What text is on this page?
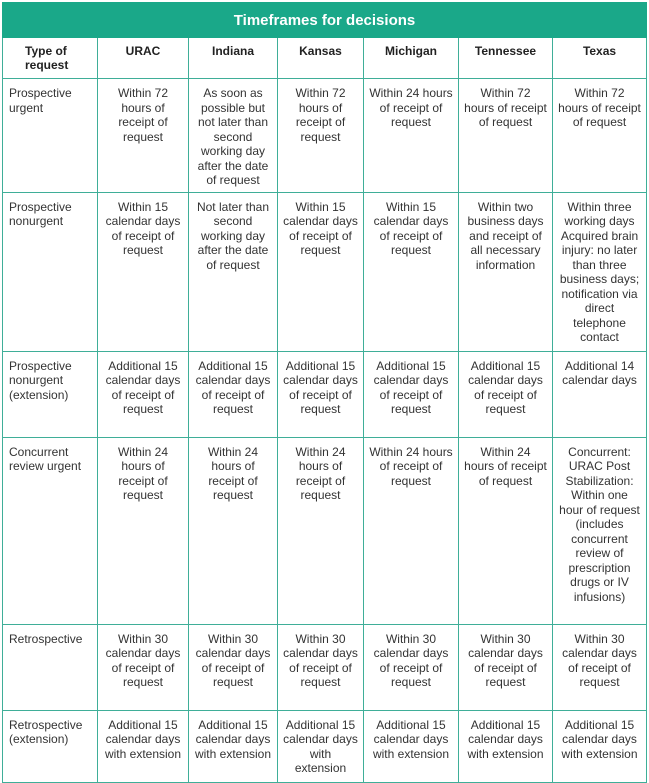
Timeframes for decisions						
Type of request	URAC	Indiana	Kansas	Michigan	Tennessee	Texas
Prospective urgent	Within 72 hours of receipt of request	As soon as possible but not later than second working day after the date of request	Within 72 hours of receipt of request	Within 24 hours of receipt of request	Within 72 hours of receipt of request	Within 72 hours of receipt of request
Prospective nonurgent	Within 15 calendar days of receipt of request	Not later than second working day after the date of request	Within 15 calendar days of receipt of request	Within 15 calendar days of receipt of request	Within two business days and receipt of all necessary information	Within three working days Acquired brain injury: no later than three business days; notification via direct telephone contact
Prospective nonurgent (extension)	Additional 15 calendar days of receipt of request	Additional 15 calendar days of receipt of request	Additional 15 calendar days of receipt of request	Additional 15 calendar days of receipt of request	Additional 15 calendar days of receipt of request	Additional 14 calendar days
Concurrent review urgent	Within 24 hours of receipt of request	Within 24 hours of receipt of request	Within 24 hours of receipt of request	Within 24 hours of receipt of request	Within 24 hours of receipt of request	Concurrent: URAC Post Stabilization: Within one hour of request (includes concurrent review of prescription drugs or IV infusions)
Retrospective	Within 30 calendar days of receipt of request	Within 30 calendar days of receipt of request	Within 30 calendar days of receipt of request	Within 30 calendar days of receipt of request	Within 30 calendar days of receipt of request	Within 30 calendar days of receipt of request
Retrospective (extension)	Additional 15 calendar days with extension	Additional 15 calendar days with extension	Additional 15 calendar days with extension	Additional 15 calendar days with extension	Additional 15 calendar days with extension	Additional 15 calendar days with extension
